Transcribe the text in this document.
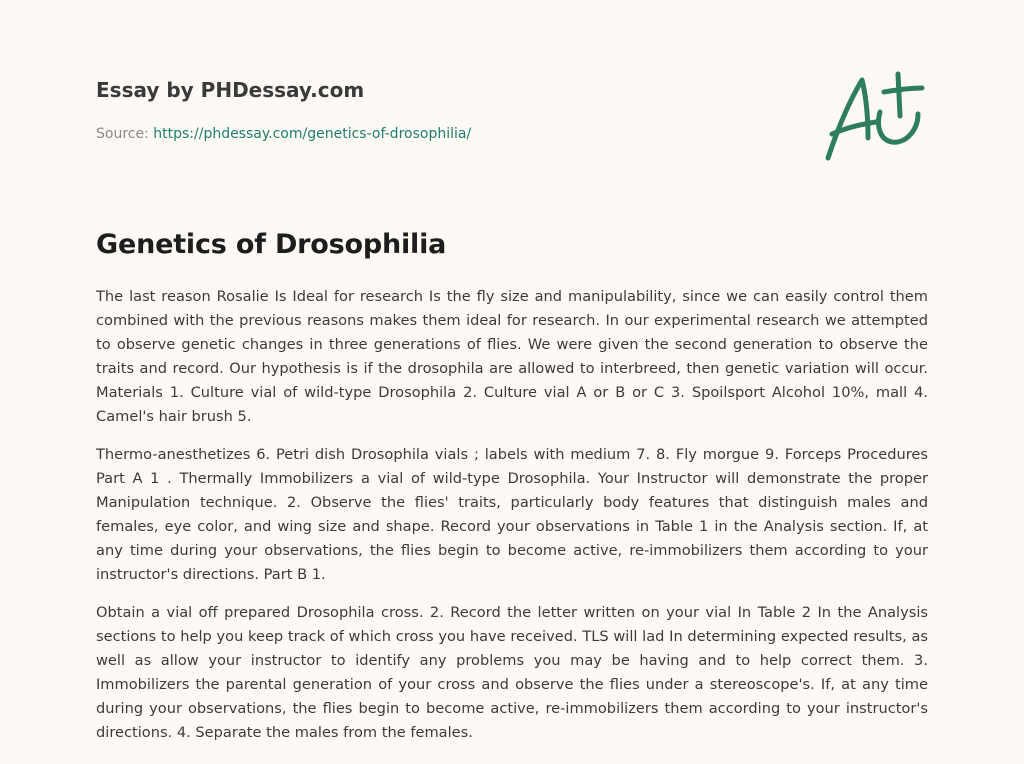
Essay by PHDessay.com
Source: https://phdessay.com/genetics-of-drosophilia/
Genetics of Drosophilia

The last reason Rosalie Is Ideal for research Is the fly size and manipulability, since we can easily control them combined with the previous reasons makes them ideal for research. In our experimental research we attempted to observe genetic changes in three generations of flies. We were given the second generation to observe the traits and record. Our hypothesis is if the drosophila are allowed to interbreed, then genetic variation will occur. Materials 1. Culture vial of wild-type Drosophila 2. Culture vial A or B or C 3. Spoilsport Alcohol 10%, mall 4. Camel's hair brush 5.

Thermo-anesthetizes 6. Petri dish Drosophila vials ; labels with medium 7. 8. Fly morgue 9. Forceps Procedures Part A 1 . Thermally Immobilizers a vial of wild-type Drosophila. Your Instructor will demonstrate the proper Manipulation technique. 2. Observe the flies' traits, particularly body features that distinguish males and females, eye color, and wing size and shape. Record your observations in Table 1 in the Analysis section. If, at any time during your observations, the flies begin to become active, re-immobilizers them according to your instructor's directions. Part B 1.

Obtain a vial off prepared Drosophila cross. 2. Record the letter written on your vial In Table 2 In the Analysis sections to help you keep track of which cross you have received. TLS will lad In determining expected results, as well as allow your instructor to identify any problems you may be having and to help correct them. 3. Immobilizers the parental generation of your cross and observe the flies under a stereoscope's. If, at any time during your observations, the flies begin to become active, re-immobilizers them according to your instructor's directions. 4. Separate the males from the females.
